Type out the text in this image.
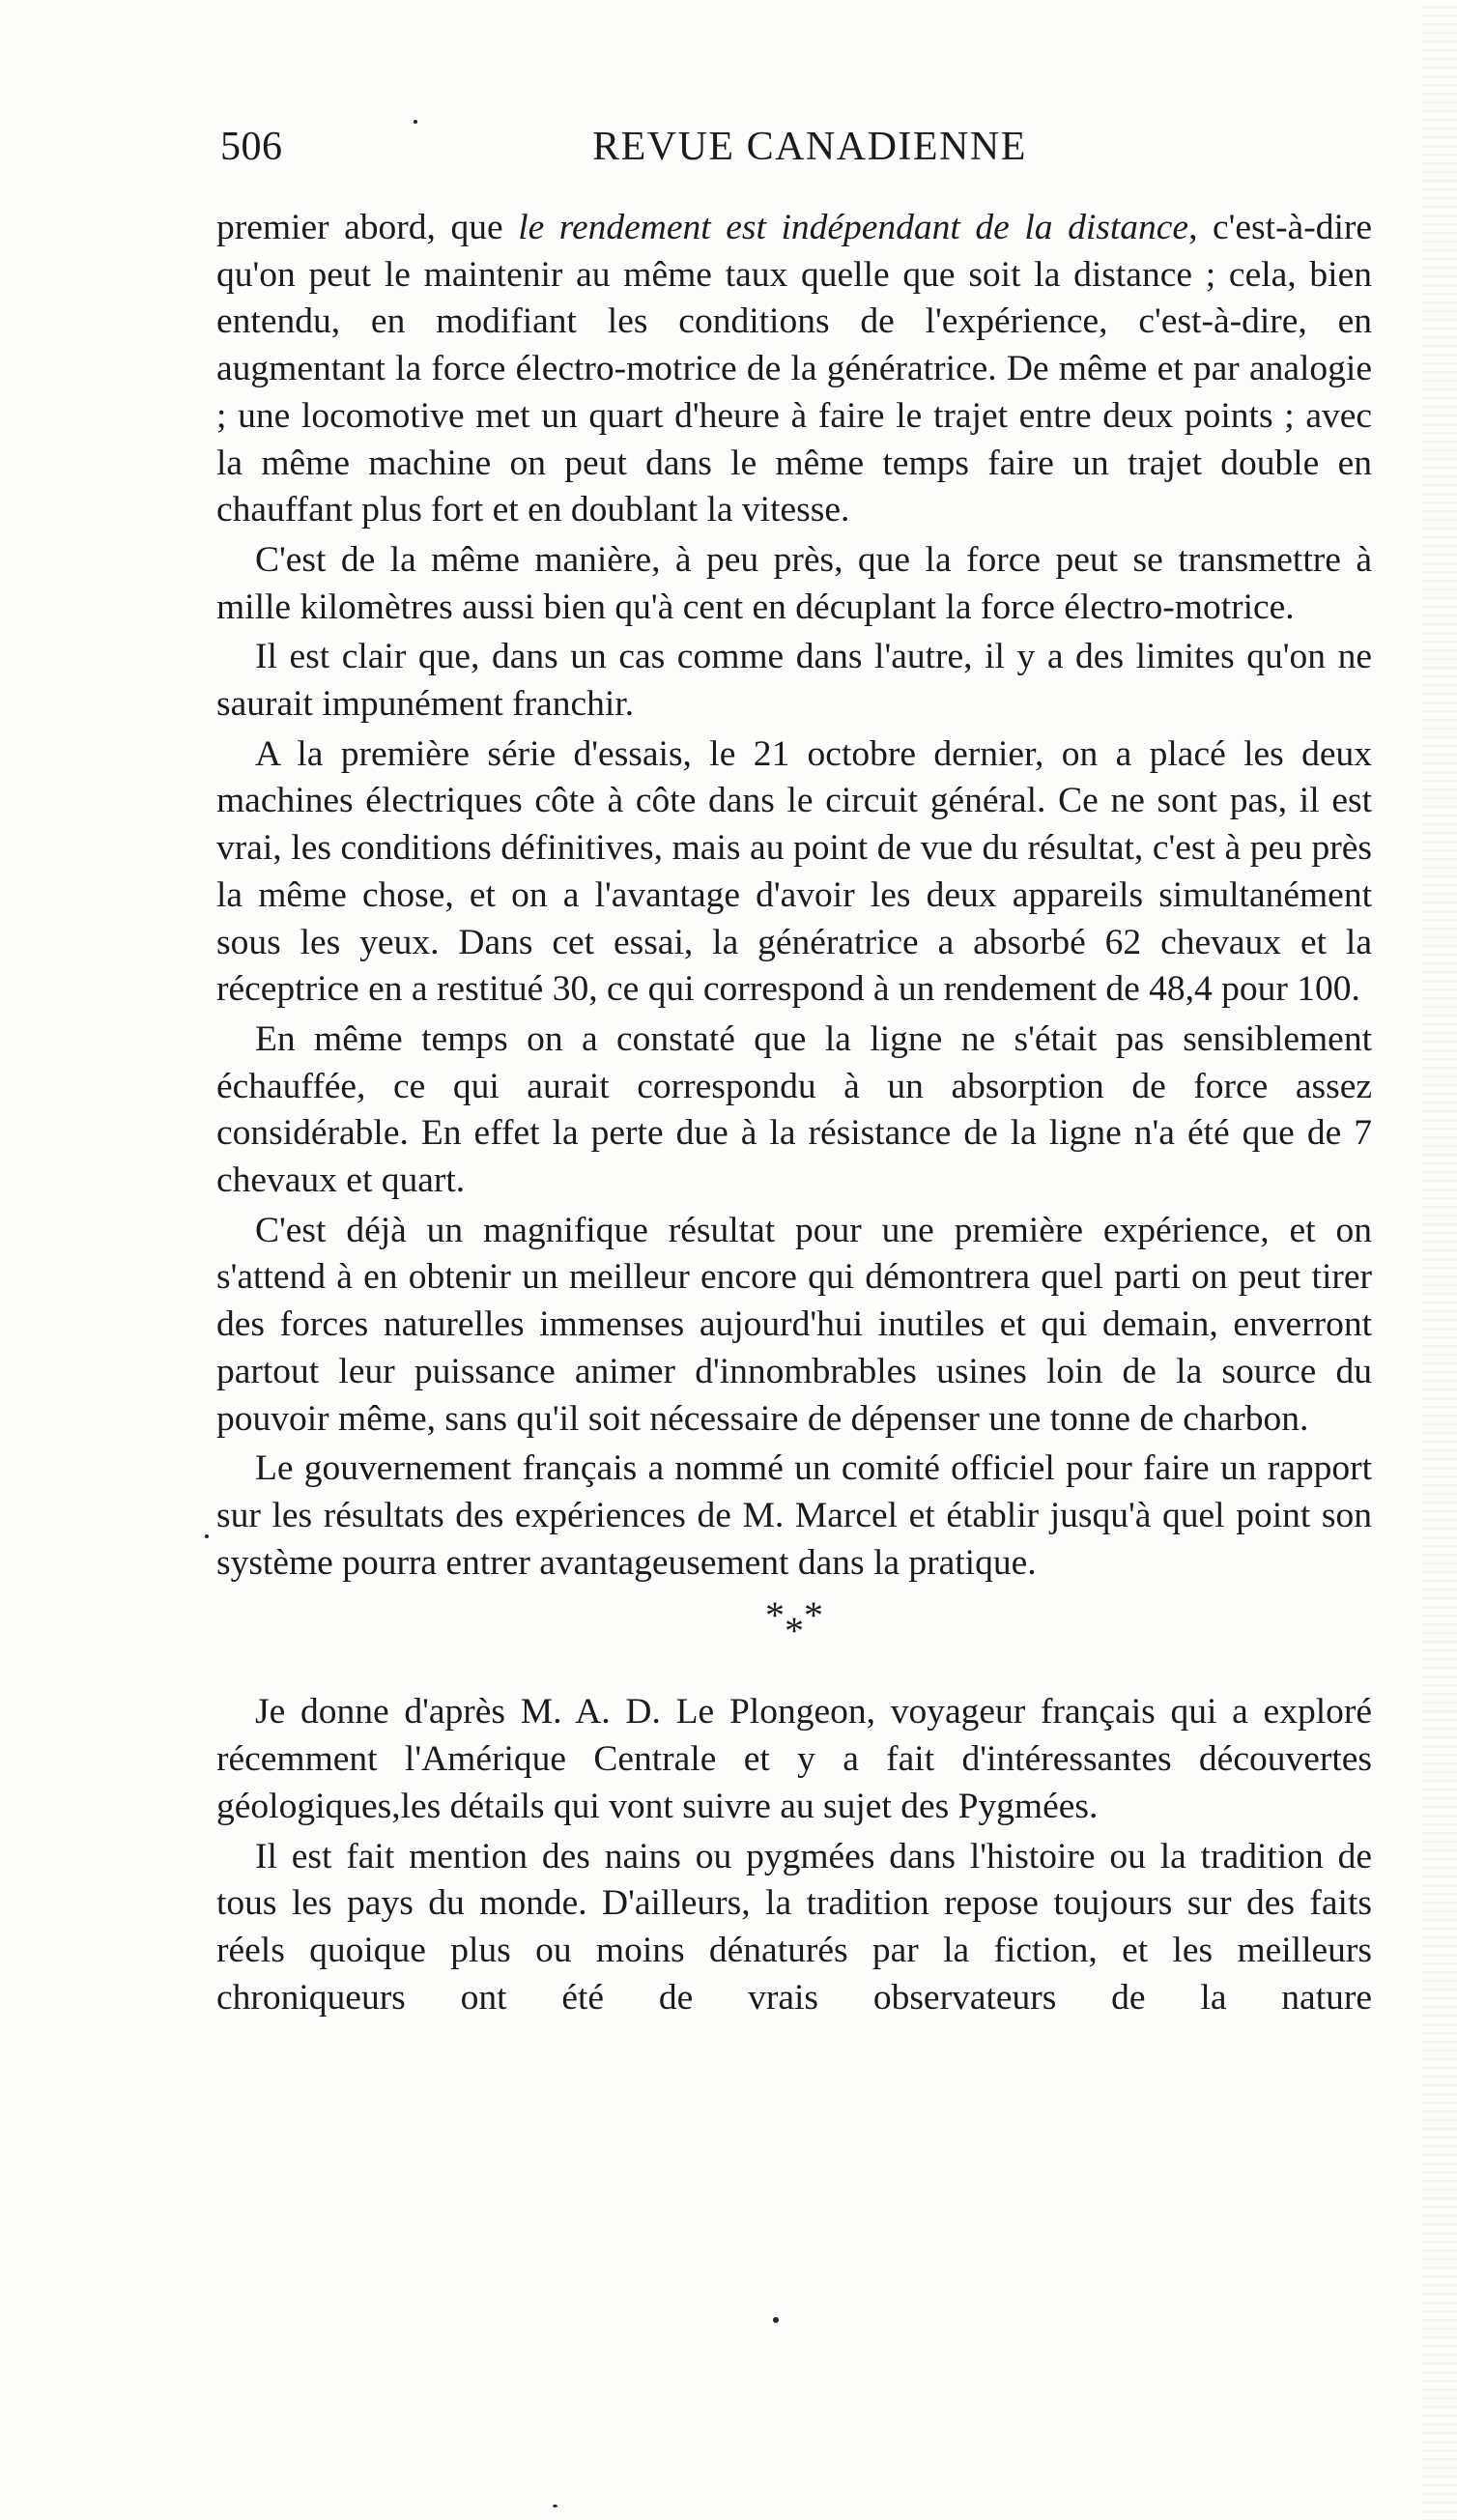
506	REVUE CANADIENNE

premier abord, que le rendement est indépendant de la distance, c'est-à-dire qu'on peut le maintenir au même taux quelle que soit la distance ; cela, bien entendu, en modifiant les conditions de l'expérience, c'est-à-dire, en augmentant la force électro-motrice de la génératrice. De même et par analogie ; une locomotive met un quart d'heure à faire le trajet entre deux points ; avec la même machine on peut dans le même temps faire un trajet double en chauffant plus fort et en doublant la vitesse.

C'est de la même manière, à peu près, que la force peut se transmettre à mille kilomètres aussi bien qu'à cent en décuplant la force électro-motrice.

Il est clair que, dans un cas comme dans l'autre, il y a des limites qu'on ne saurait impunément franchir.

A la première série d'essais, le 21 octobre dernier, on a placé les deux machines électriques côte à côte dans le circuit général. Ce ne sont pas, il est vrai, les conditions définitives, mais au point de vue du résultat, c'est à peu près la même chose, et on a l'avantage d'avoir les deux appareils simultanément sous les yeux. Dans cet essai, la génératrice a absorbé 62 chevaux et la réceptrice en a restitué 30, ce qui correspond à un rendement de 48,4 pour 100.

En même temps on a constaté que la ligne ne s'était pas sensiblement échauffée, ce qui aurait correspondu à un absorption de force assez considérable. En effet la perte due à la résistance de la ligne n'a été que de 7 chevaux et quart.

C'est déjà un magnifique résultat pour une première expérience, et on s'attend à en obtenir un meilleur encore qui démontrera quel parti on peut tirer des forces naturelles immenses aujourd'hui inutiles et qui demain, enverront partout leur puissance animer d'innombrables usines loin de la source du pouvoir même, sans qu'il soit nécessaire de dépenser une tonne de charbon.

Le gouvernement français a nommé un comité officiel pour faire un rapport sur les résultats des expériences de M. Marcel et établir jusqu'à quel point son système pourra entrer avantageusement dans la pratique.

***

Je donne d'après M. A. D. Le Plongeon, voyageur français qui a exploré récemment l'Amérique Centrale et y a fait d'intéressantes découvertes géologiques,les détails qui vont suivre au sujet des Pygmées.

Il est fait mention des nains ou pygmées dans l'histoire ou la tradition de tous les pays du monde. D'ailleurs, la tradition repose toujours sur des faits réels quoique plus ou moins dénaturés par la fiction, et les meilleurs chroniqueurs ont été de vrais observateurs de la nature
